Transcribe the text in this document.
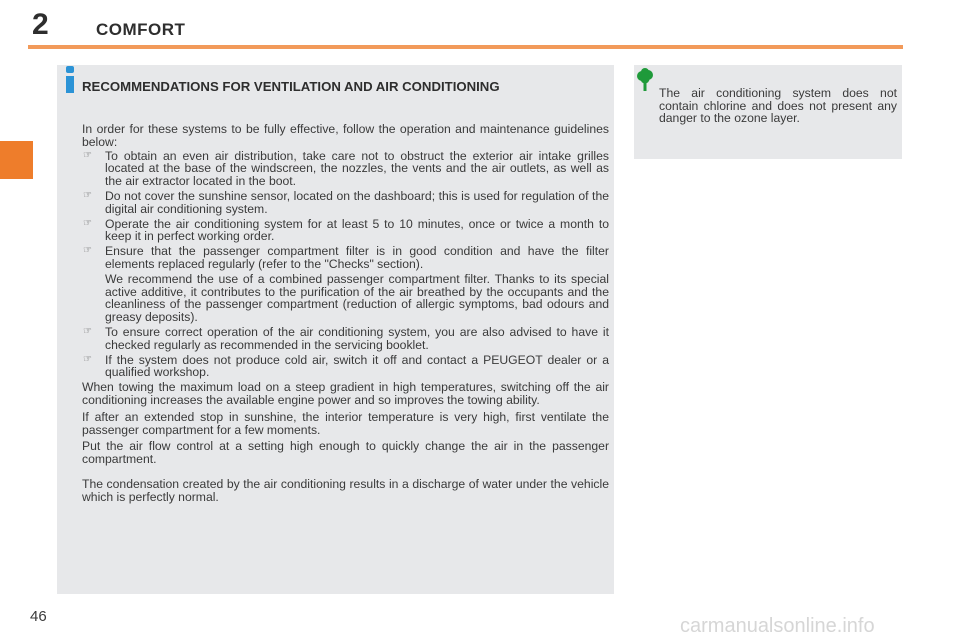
2	COMFORT
RECOMMENDATIONS FOR VENTILATION AND AIR CONDITIONING

In order for these systems to be fully effective, follow the operation and maintenance guidelines below:

☞ To obtain an even air distribution, take care not to obstruct the exterior air intake grilles located at the base of the windscreen, the nozzles, the vents and the air outlets, as well as the air extractor located in the boot.
☞ Do not cover the sunshine sensor, located on the dashboard; this is used for regulation of the digital air conditioning system.
☞ Operate the air conditioning system for at least 5 to 10 minutes, once or twice a month to keep it in perfect working order.
☞ Ensure that the passenger compartment filter is in good condition and have the filter elements replaced regularly (refer to the "Checks" section).

We recommend the use of a combined passenger compartment filter. Thanks to its special active additive, it contributes to the purification of the air breathed by the occupants and the cleanliness of the passenger compartment (reduction of allergic symptoms, bad odours and greasy deposits).

☞ To ensure correct operation of the air conditioning system, you are also advised to have it checked regularly as recommended in the servicing booklet.
☞ If the system does not produce cold air, switch it off and contact a PEUGEOT dealer or a qualified workshop.

When towing the maximum load on a steep gradient in high temperatures, switching off the air conditioning increases the available engine power and so improves the towing ability.

If after an extended stop in sunshine, the interior temperature is very high, first ventilate the passenger compartment for a few moments.

Put the air flow control at a setting high enough to quickly change the air in the passenger compartment.

The condensation created by the air conditioning results in a discharge of water under the vehicle which is perfectly normal.

The air conditioning system does not contain chlorine and does not present any danger to the ozone layer.
46	carmanualsonline.info
